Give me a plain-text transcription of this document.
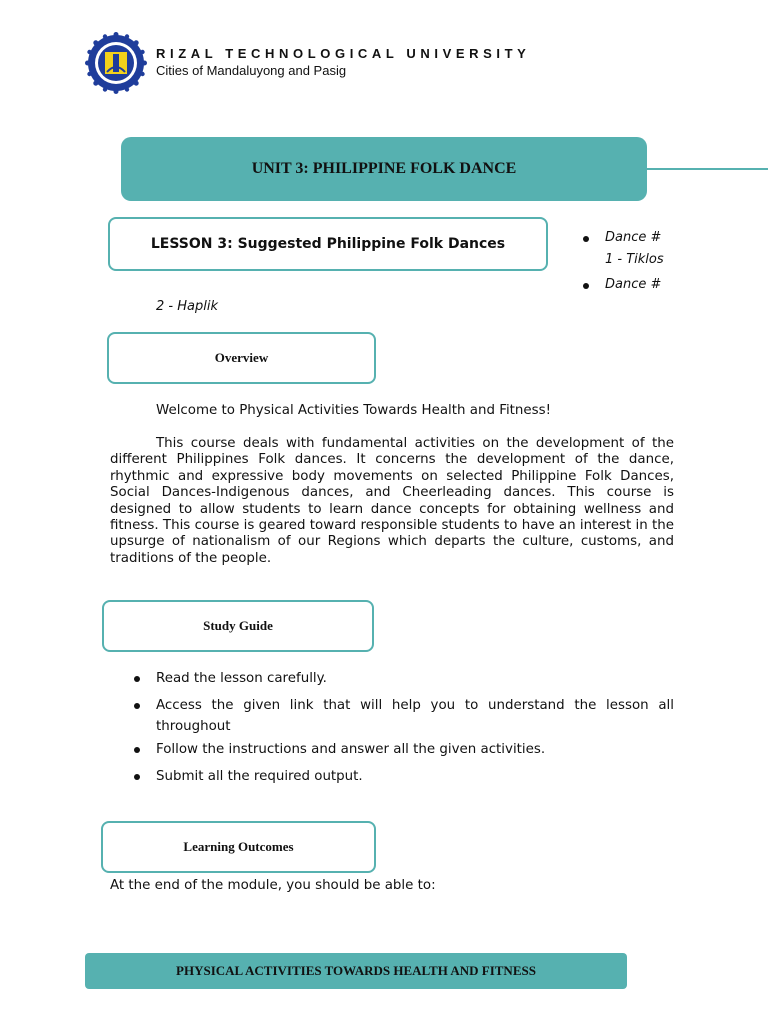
RIZAL TECHNOLOGICAL UNIVERSITY
Cities of Mandaluyong and Pasig
UNIT 3: PHILIPPINE FOLK DANCE
LESSON 3: Suggested Philippine Folk Dances	Dance #
1 - Tiklos
Dance #
2 - Haplik
Overview
Welcome to Physical Activities Towards Health and Fitness!
This course deals with fundamental activities on the development of the different Philippines Folk dances. It concerns the development of the dance, rhythmic and expressive body movements on selected Philippine Folk Dances, Social Dances-Indigenous dances, and Cheerleading dances. This course is designed to allow students to learn dance concepts for obtaining wellness and fitness. This course is geared toward responsible students to have an interest in the upsurge of nationalism of our Regions which departs the culture, customs, and traditions of the people.
Study Guide
Read the lesson carefully.
Access the given link that will help you to understand the lesson all throughout
Follow the instructions and answer all the given activities.
Submit all the required output.
Learning Outcomes
At the end of the module, you should be able to:
PHYSICAL ACTIVITIES TOWARDS HEALTH AND FITNESS
